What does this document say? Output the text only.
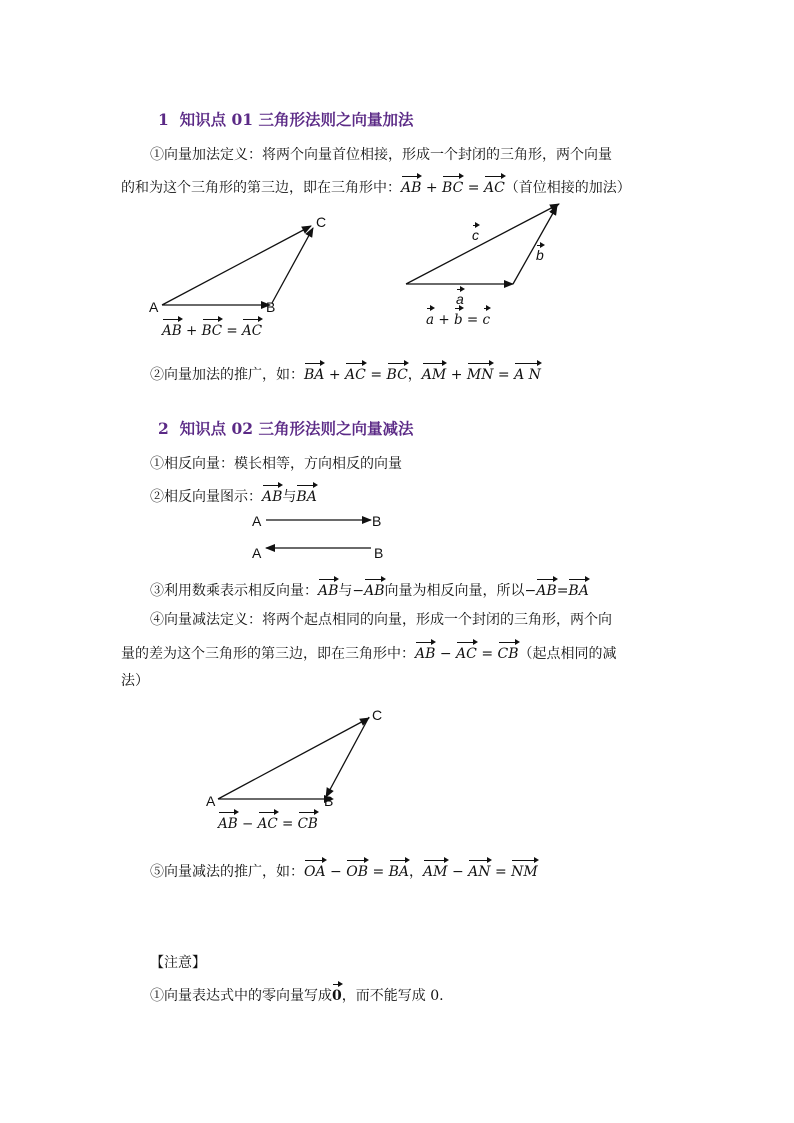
1 知识点 01 三角形法则之向量加法
①向量加法定义：将两个向量首位相接，形成一个封闭的三角形，两个向量
的和为这个三角形的第三边，即在三角形中：AB + BC = AC（首位相接的加法）
A	B
C
AB + BC = AC
c
b
a
a + b = c
②向量加法的推广，如：BA + AC = BC，AM + MN = A N
2 知识点 02 三角形法则之向量减法
①相反向量：模长相等，方向相反的向量
②相反向量图示：AB与BA
A	B
A	B
③利用数乘表示相反向量：AB与−AB向量为相反向量，所以−AB=BA
④向量减法定义：将两个起点相同的向量，形成一个封闭的三角形，两个向
量的差为这个三角形的第三边，即在三角形中：AB − AC = CB（起点相同的减
法）
A	B
C
AB − AC = CB
⑤向量减法的推广，如：OA − OB = BA，AM − AN = NM
【注意】
①向量表达式中的零向量写成0，而不能写成 0.
